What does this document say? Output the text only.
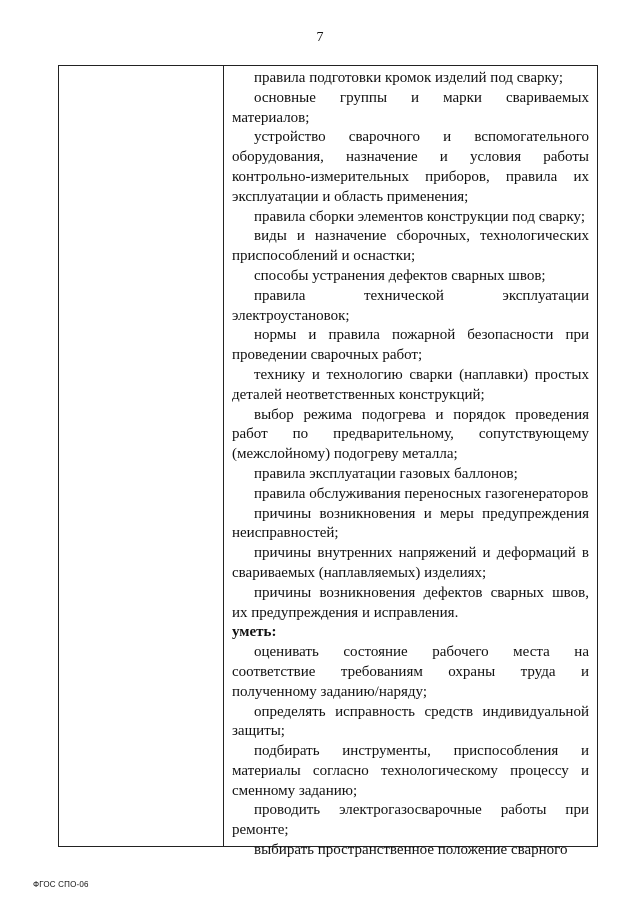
7

правила подготовки кромок изделий под сварку;

основные группы и марки свариваемых материалов;

устройство сварочного и вспомогательного оборудования, назначение и условия работы контрольно-измерительных приборов, правила их эксплуатации и область применения;

правила сборки элементов конструкции под сварку;

виды и назначение сборочных, технологических приспособлений и оснастки;

способы устранения дефектов сварных швов;

правила технической эксплуатации электроустановок;

нормы и правила пожарной безопасности при проведении сварочных работ;

технику и технологию сварки (наплавки) простых деталей неответственных конструкций;

выбор режима подогрева и порядок проведения работ по предварительному, сопутствующему (межслойному) подогреву металла;

правила эксплуатации газовых баллонов;

правила обслуживания переносных газогенераторов

причины возникновения и меры предупреждения неисправностей;

причины внутренних напряжений и деформаций в свариваемых (наплавляемых) изделиях;

причины возникновения дефектов сварных швов, их предупреждения и исправления.

уметь:

оценивать состояние рабочего места на соответствие требованиям охраны труда и полученному заданию/наряду;

определять исправность средств индивидуальной защиты;

подбирать инструменты, приспособления и материалы согласно технологическому процессу и сменному заданию;

проводить электрогазосварочные работы при ремонте;

выбирать пространственное положение сварного

ФГОС СПО-06
